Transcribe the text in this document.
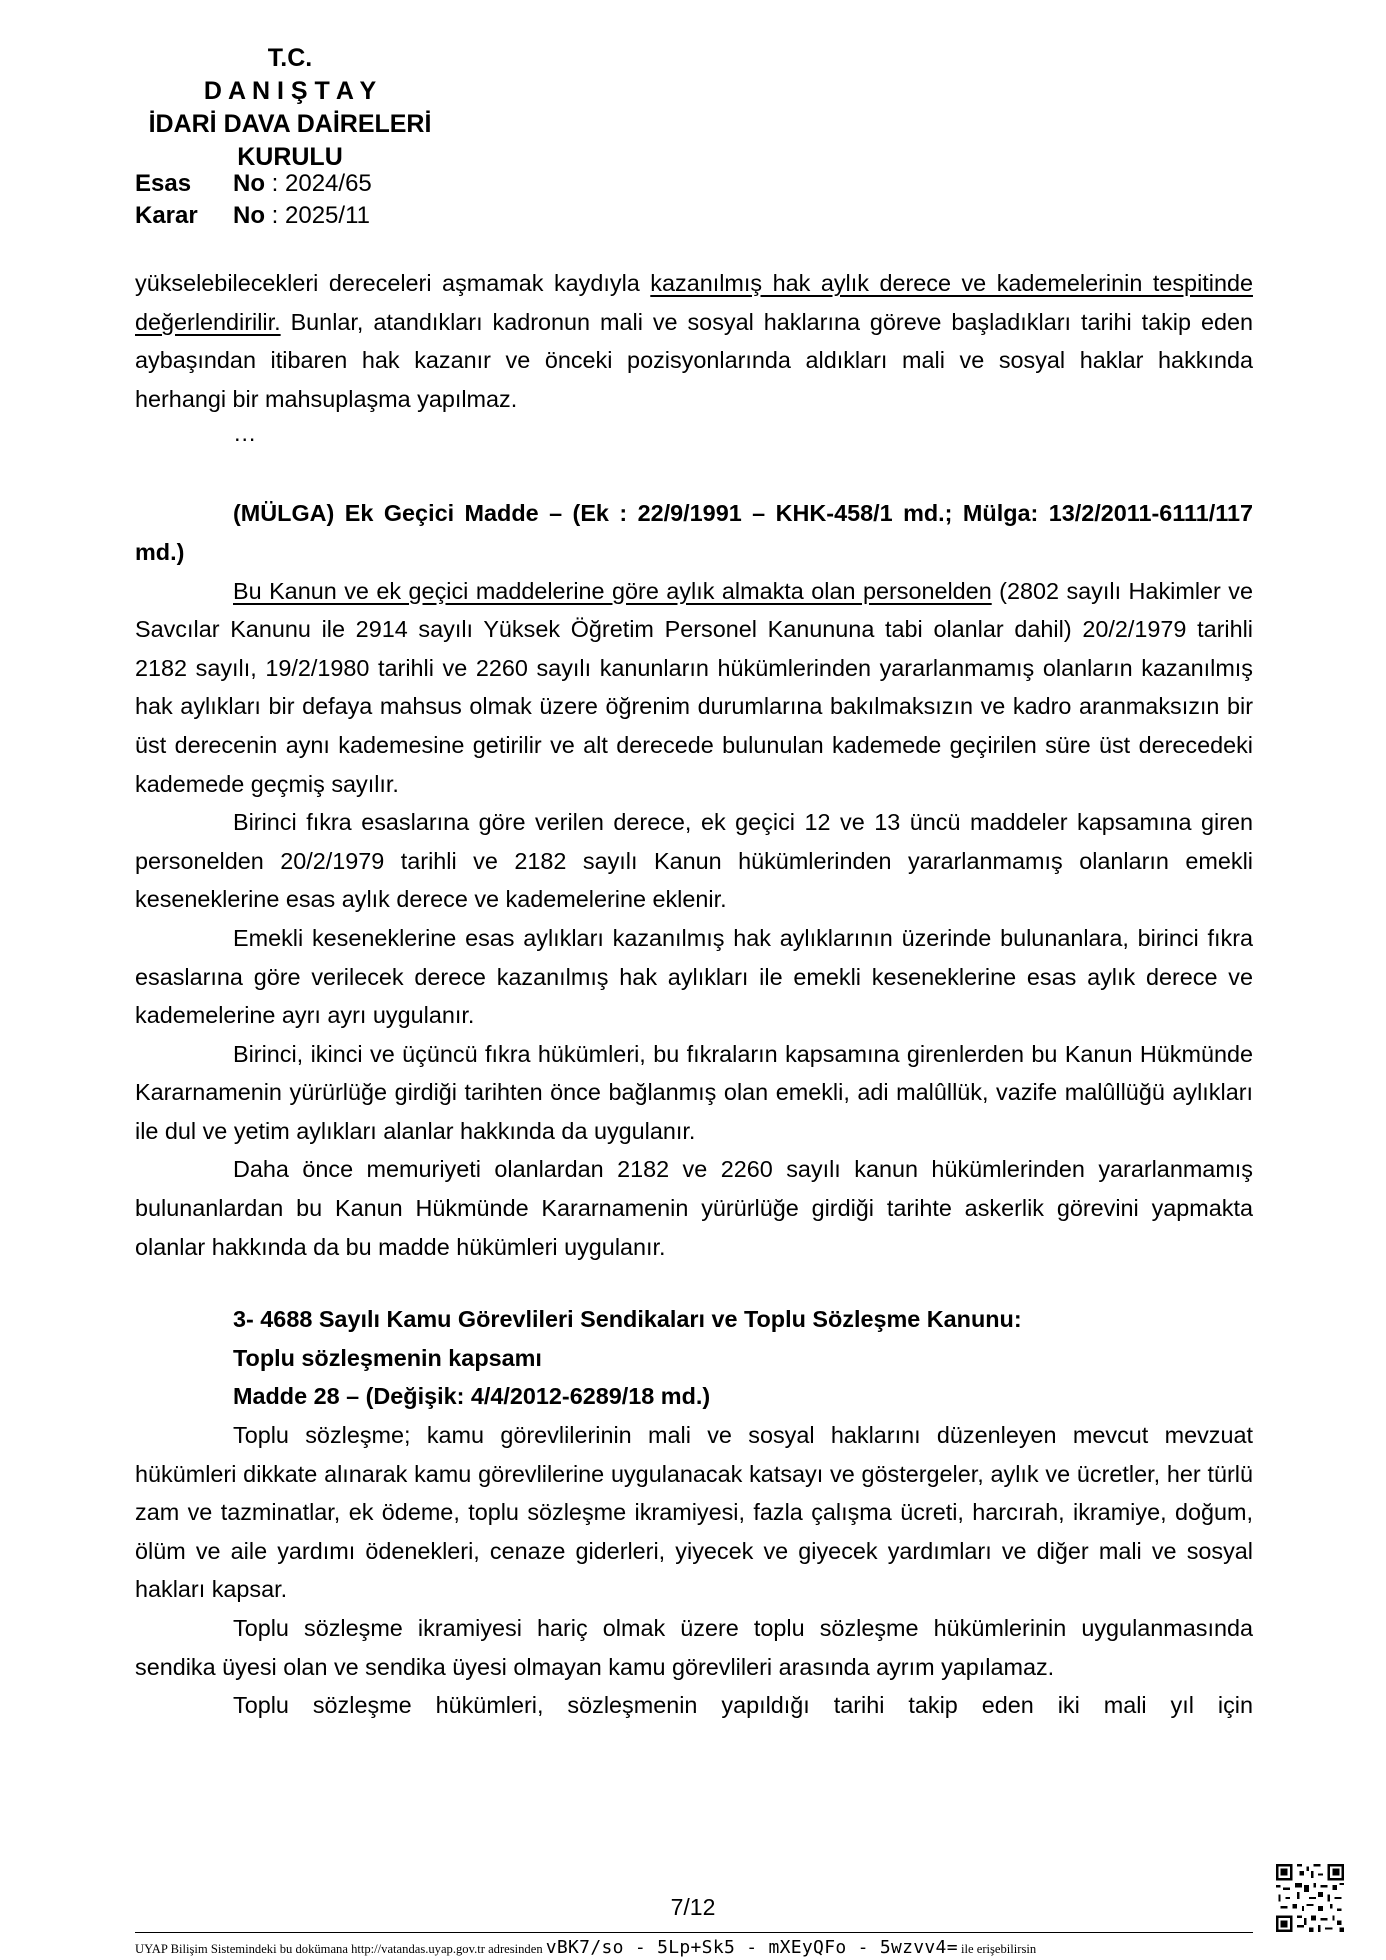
T.C.
D A N I Ş T A Y
İDARİ DAVA DAİRELERİ
KURULU
Esas No : 2024/65
Karar No : 2025/11

yükselebilecekleri dereceleri aşmamak kaydıyla kazanılmış hak aylık derece ve kademelerinin tespitinde değerlendirilir. Bunlar, atandıkları kadronun mali ve sosyal haklarına göreve başladıkları tarihi takip eden aybaşından itibaren hak kazanır ve önceki pozisyonlarında aldıkları mali ve sosyal haklar hakkında herhangi bir mahsuplaşma yapılmaz.

…

(MÜLGA) Ek Geçici Madde – (Ek : 22/9/1991 – KHK-458/1 md.; Mülga: 13/2/2011-6111/117 md.)

Bu Kanun ve ek geçici maddelerine göre aylık almakta olan personelden (2802 sayılı Hakimler ve Savcılar Kanunu ile 2914 sayılı Yüksek Öğretim Personel Kanununa tabi olanlar dahil) 20/2/1979 tarihli 2182 sayılı, 19/2/1980 tarihli ve 2260 sayılı kanunların hükümlerinden yararlanmamış olanların kazanılmış hak aylıkları bir defaya mahsus olmak üzere öğrenim durumlarına bakılmaksızın ve kadro aranmaksızın bir üst derecenin aynı kademesine getirilir ve alt derecede bulunulan kademede geçirilen süre üst derecedeki kademede geçmiş sayılır.

Birinci fıkra esaslarına göre verilen derece, ek geçici 12 ve 13 üncü maddeler kapsamına giren personelden 20/2/1979 tarihli ve 2182 sayılı Kanun hükümlerinden yararlanmamış olanların emekli keseneklerine esas aylık derece ve kademelerine eklenir.

Emekli keseneklerine esas aylıkları kazanılmış hak aylıklarının üzerinde bulunanlara, birinci fıkra esaslarına göre verilecek derece kazanılmış hak aylıkları ile emekli keseneklerine esas aylık derece ve kademelerine ayrı ayrı uygulanır.

Birinci, ikinci ve üçüncü fıkra hükümleri, bu fıkraların kapsamına girenlerden bu Kanun Hükmünde Kararnamenin yürürlüğe girdiği tarihten önce bağlanmış olan emekli, adi malûllük, vazife malûllüğü aylıkları ile dul ve yetim aylıkları alanlar hakkında da uygulanır.

Daha önce memuriyeti olanlardan 2182 ve 2260 sayılı kanun hükümlerinden yararlanmamış bulunanlardan bu Kanun Hükmünde Kararnamenin yürürlüğe girdiği tarihte askerlik görevini yapmakta olanlar hakkında da bu madde hükümleri uygulanır.

3- 4688 Sayılı Kamu Görevlileri Sendikaları ve Toplu Sözleşme Kanunu:

Toplu sözleşmenin kapsamı

Madde 28 – (Değişik: 4/4/2012-6289/18 md.)

Toplu sözleşme; kamu görevlilerinin mali ve sosyal haklarını düzenleyen mevcut mevzuat hükümleri dikkate alınarak kamu görevlilerine uygulanacak katsayı ve göstergeler, aylık ve ücretler, her türlü zam ve tazminatlar, ek ödeme, toplu sözleşme ikramiyesi, fazla çalışma ücreti, harcırah, ikramiye, doğum, ölüm ve aile yardımı ödenekleri, cenaze giderleri, yiyecek ve giyecek yardımları ve diğer mali ve sosyal hakları kapsar.

Toplu sözleşme ikramiyesi hariç olmak üzere toplu sözleşme hükümlerinin uygulanmasında sendika üyesi olan ve sendika üyesi olmayan kamu görevlileri arasında ayrım yapılamaz.

Toplu sözleşme hükümleri, sözleşmenin yapıldığı tarihi takip eden iki mali yıl için

7/12
UYAP Bilişim Sistemindeki bu dokümana http://vatandas.uyap.gov.tr adresinden vBK7/so - 5Lp+Sk5 - mXEyQFo - 5wzvv4= ile erişebilirsin
